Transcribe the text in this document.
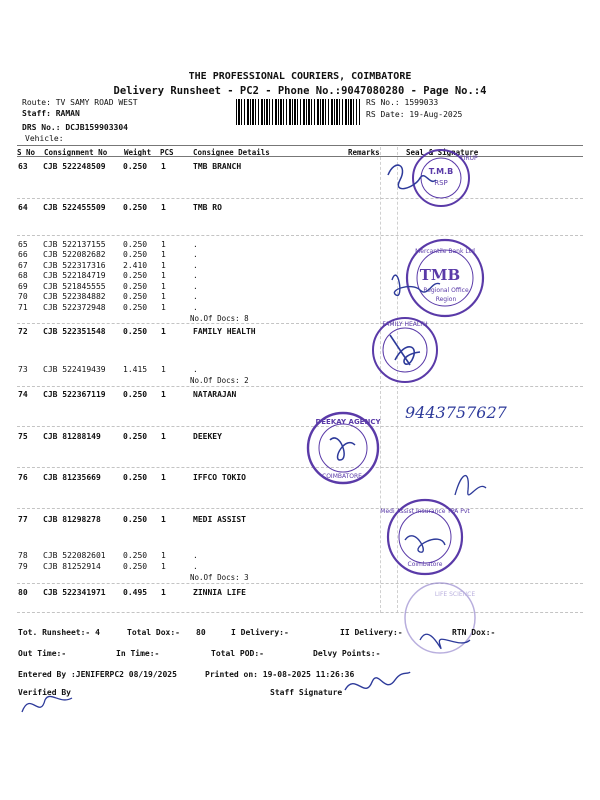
THE PROFESSIONAL COURIERS, COIMBATORE
Delivery Runsheet - PC2 - Phone No.:9047080280 - Page No.:4
Route: TV SAMY ROAD WEST
Staff: RAMAN
DRS No.: DCJB159903304
Vehicle:
RS No.: 1599033
RS Date: 19-Aug-2025
S No Consignment No Weight PCS	Consignee Details	Remarks	Seal & Signature
63 CJB 522248509 0.250 1	TMB BRANCH
64 CJB 522455509 0.250 1	TMB RO
65 CJB 522137155 0.250 1	.
66 CJB 522082682 0.250 1	.
67 CJB 522317316 2.410 1	.
68 CJB 522184719 0.250 1	.
69 CJB 521845555 0.250 1	.
70 CJB 522384882 0.250 1	.
71 CJB 522372948 0.250 1	.
No.Of Docs: 8
72 CJB 522351548 0.250 1	FAMILY HEALTH
73 CJB 522419439 1.415 1	.
No.Of Docs: 2
74 CJB 522367119 0.250 1	NATARAJAN
75 CJB 81288149	0.250 1	DEEKEY
76 CJB 81235669	0.250 1	IFFCO TOKIO
77 CJB 81298278	0.250 1	MEDI ASSIST
78 CJB 522082601 0.250 1	.
79 CJB 81252914	0.250 1	.
No.Of Docs: 3
80 CJB 522341971 0.495 1	ZINNIA LIFE
T.M.B
RSP
TIRUP
Mercantile Bank Ltd
TMB
Regional Office
Region
FAMILY HEALTH
9443757627
DEEKAY AGENCY
COIMBATORE
Medi Assist Insurance TPA Pvt
Coimbatore
LIFE SCIENCE
Tot. Runsheet:- 4	Total Dox:- 80	I Delivery:-	II Delivery:-	RTN Dox:-
Out Time:-	In Time:-	Total POD:-	Delvy Points:-
Entered By :JENIFERPC2 08/19/2025	Printed on: 19-08-2025 11:26:36
Verified By	Staff Signature
